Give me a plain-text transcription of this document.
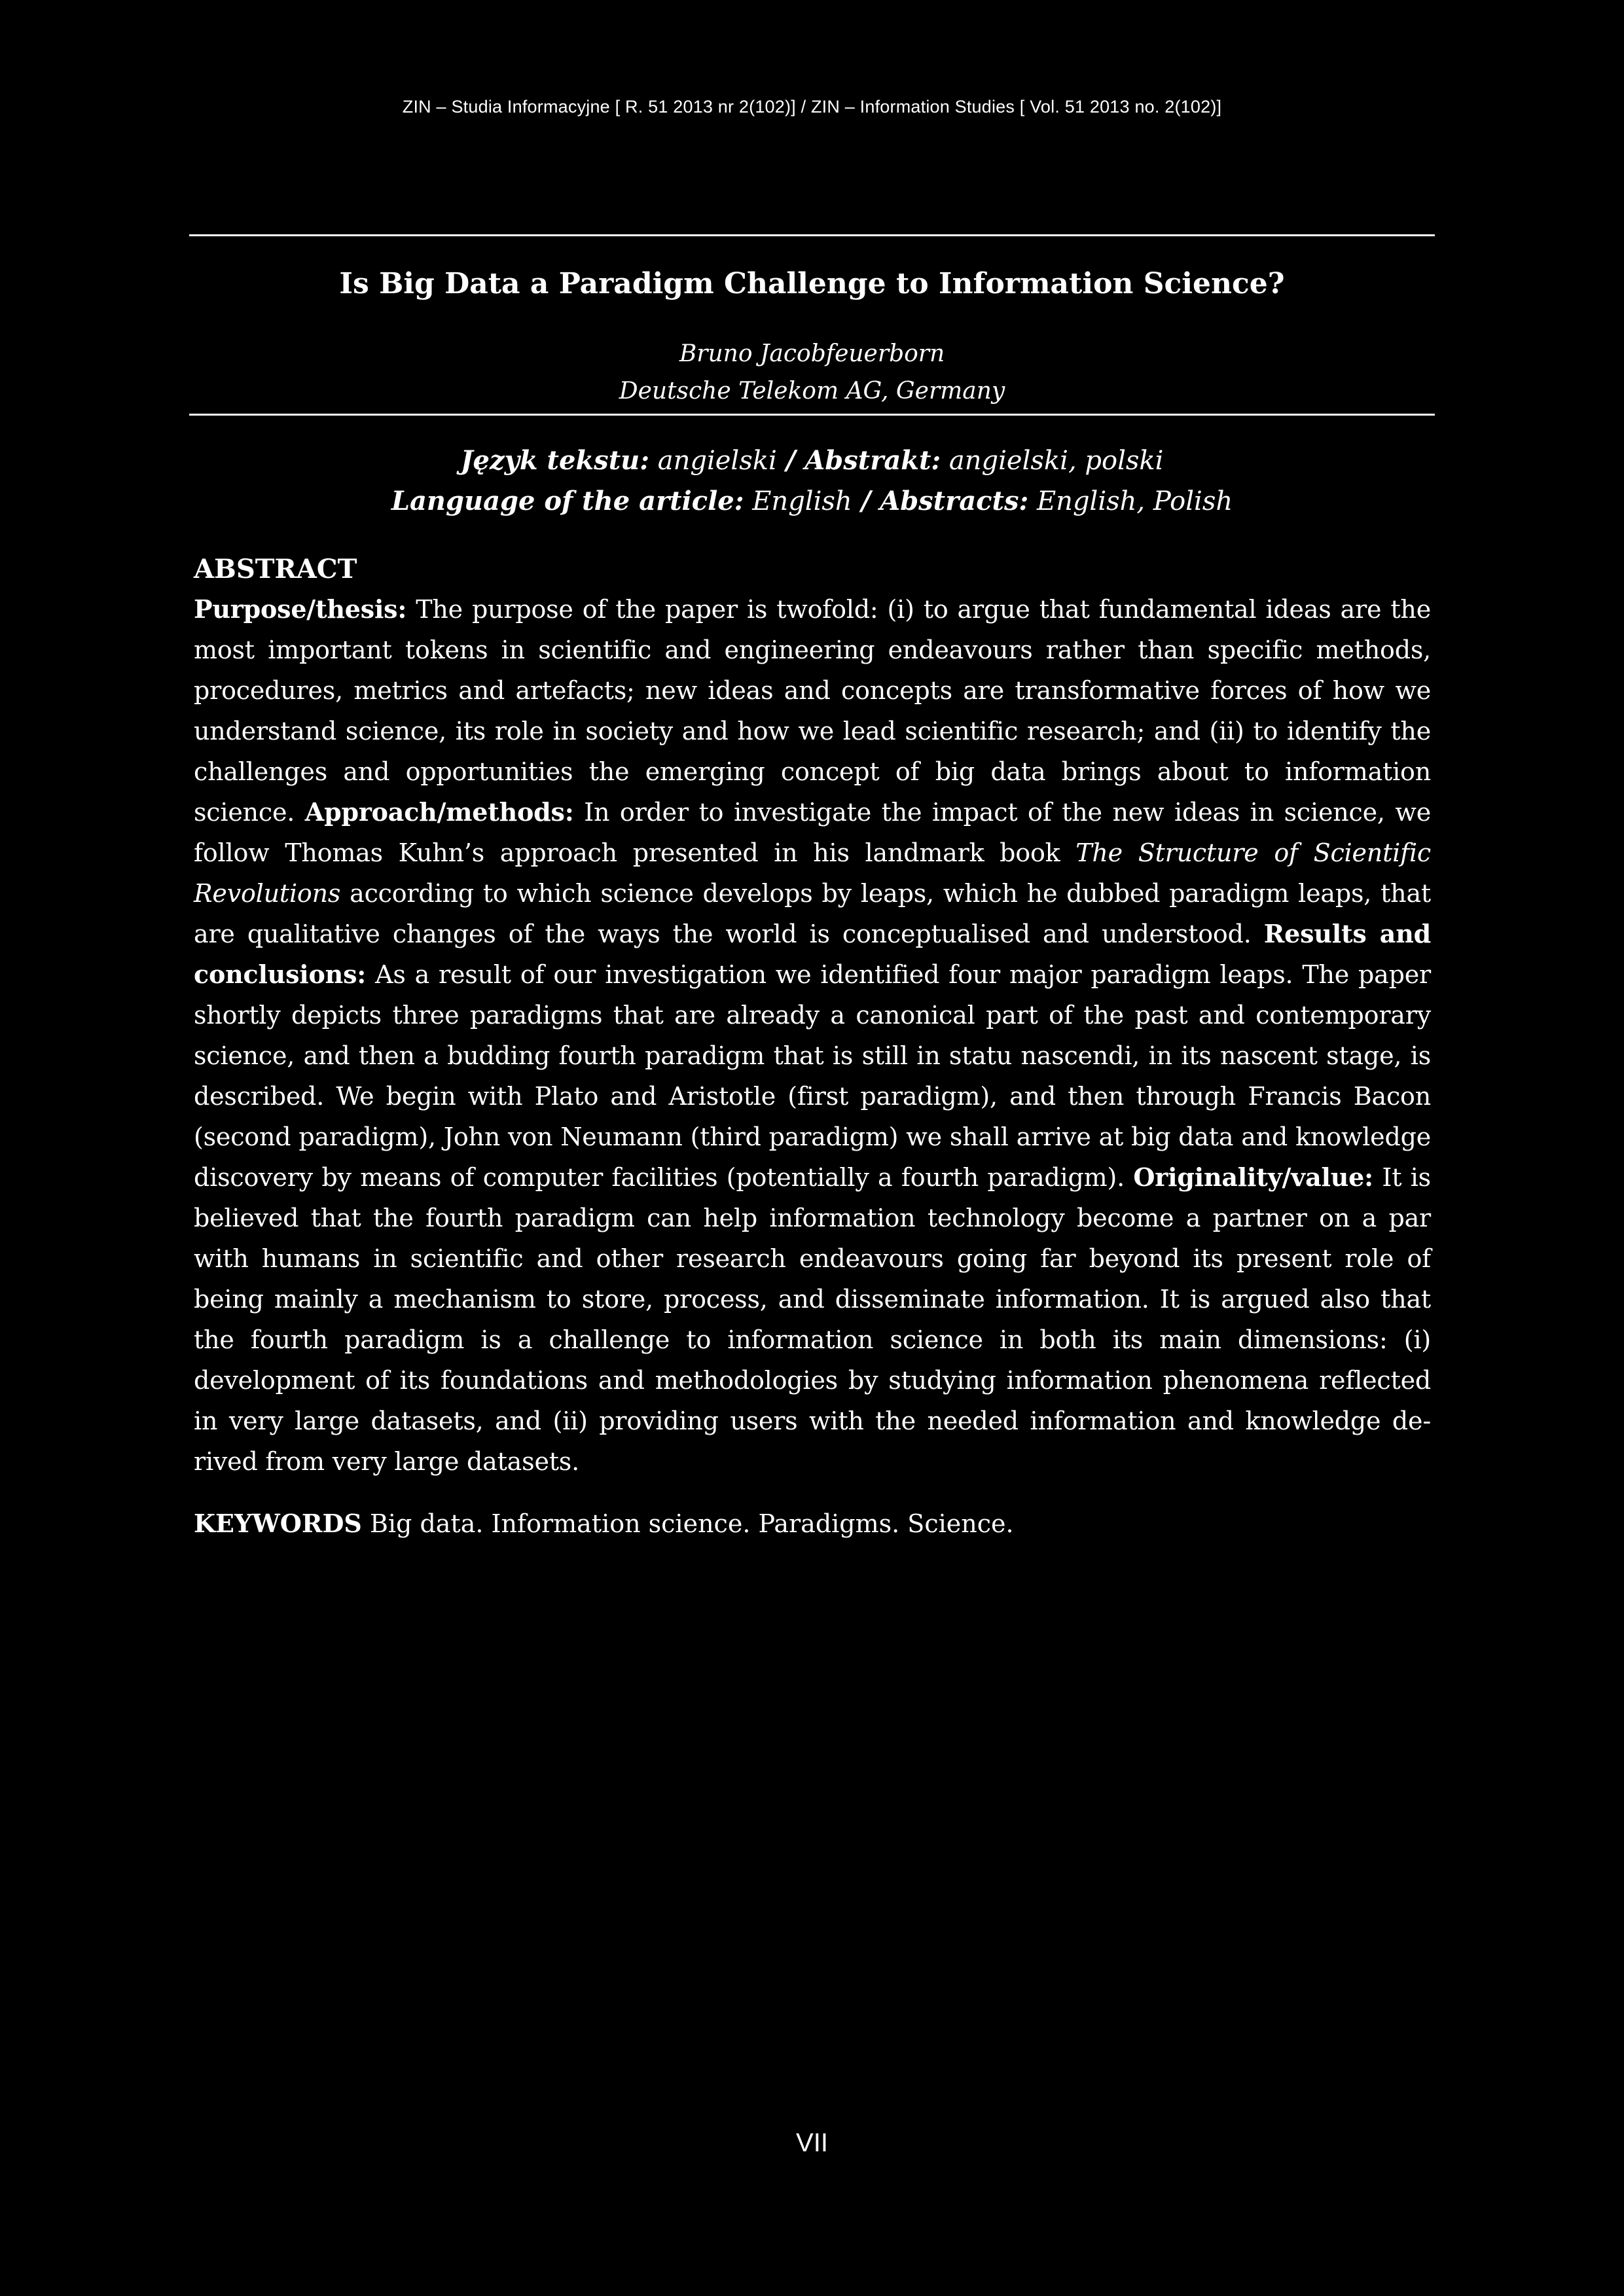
ZIN – Studia Informacyjne [ R. 51 2013 nr 2(102)] / ZIN – Information Studies [ Vol. 51 2013 no. 2(102)]
Is Big Data a Paradigm Challenge to Information Science?
Bruno Jacobfeuerborn
Deutsche Telekom AG, Germany
Język tekstu: angielski / Abstrakt: angielski, polski
Language of the article: English / Abstracts: English, Polish
ABSTRACT

Purpose/thesis: The purpose of the paper is twofold: (i) to argue that fundamental ideas are the most important tokens in scientific and engineering endeavours rather than specific methods, procedures, metrics and artefacts; new ideas and concepts are transformative forces of how we understand science, its role in society and how we lead scientific research; and (ii) to identify the challenges and opportunities the emerging concept of big data brings about to information science. Approach/methods: In order to investigate the impact of the new ideas in science, we follow Thomas Kuhn’s approach presented in his landmark book The Structure of Scientific Revolutions according to which science develops by leaps, which he dubbed paradigm leaps, that are qualitative changes of the ways the world is conceptualised and understood. Results and conclusions: As a result of our investigation we identified four major paradigm leaps. The paper shortly depicts three paradigms that are already a canonical part of the past and contemporary science, and then a budding fourth paradigm that is still in statu nascendi, in its nascent stage, is described. We begin with Plato and Aristotle (first paradigm), and then through Francis Bacon (second paradigm), John von Neumann (third paradigm) we shall arrive at big data and knowledge discovery by means of computer facilities (potentially a fourth paradigm). Originality/value: It is believed that the fourth paradigm can help information technology become a partner on a par with humans in scientific and other research endeavours going far beyond its present role of being mainly a mechanism to store, process, and disseminate information. It is argued also that the fourth paradigm is a challenge to information science in both its main dimensions: (i) development of its foundations and methodologies by studying information phenomena reflected in very large datasets, and (ii) providing users with the needed information and knowledge de- rived from very large datasets.

KEYWORDS Big data. Information science. Paradigms. Science.

VII
